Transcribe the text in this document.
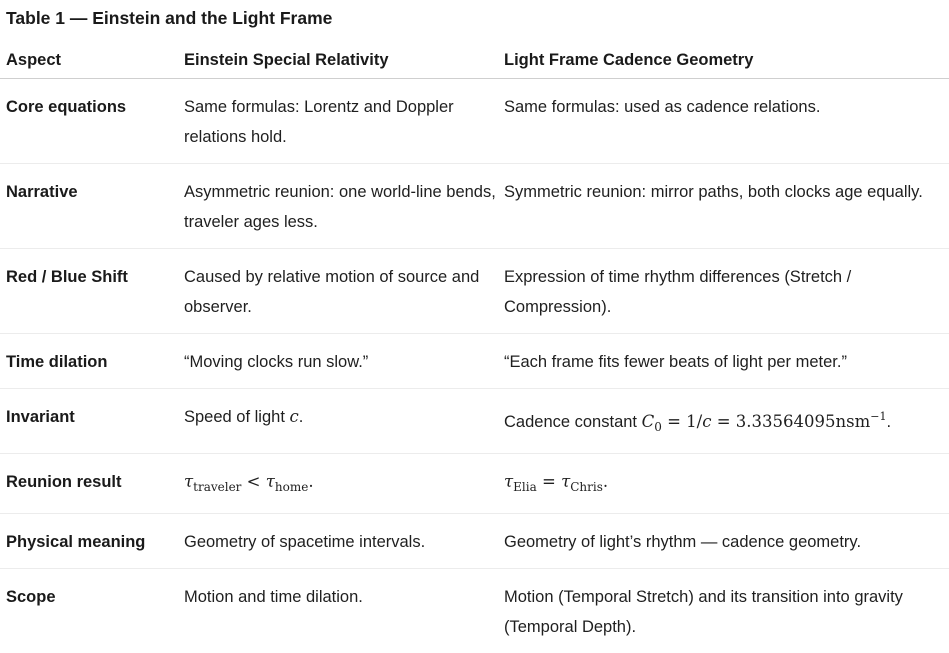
Table 1 — Einstein and the Light Frame
Aspect	Einstein Special Relativity	Light Frame Cadence Geometry
Core equations	Same formulas: Lorentz and Doppler relations hold.	Same formulas: used as cadence relations.
Narrative	Asymmetric reunion: one world-line bends, traveler ages less.	Symmetric reunion: mirror paths, both clocks age equally.
Red / Blue Shift	Caused by relative motion of source and observer.	Expression of time rhythm differences (Stretch / Compression).
Time dilation	“Moving clocks run slow.”	“Each frame fits fewer beats of light per meter.”
Invariant	Speed of light c.	Cadence constant $C_0 = 1/c = 3.33564095nsm^{-1}$.
Reunion result	$\tau_{traveler} < \tau_{home}$.	$\tau_{Elia} = \tau_{Chris}$.
Physical meaning	Geometry of spacetime intervals.	Geometry of light’s rhythm — cadence geometry.
Scope	Motion and time dilation.	Motion (Temporal Stretch) and its transition into gravity (Temporal Depth).
